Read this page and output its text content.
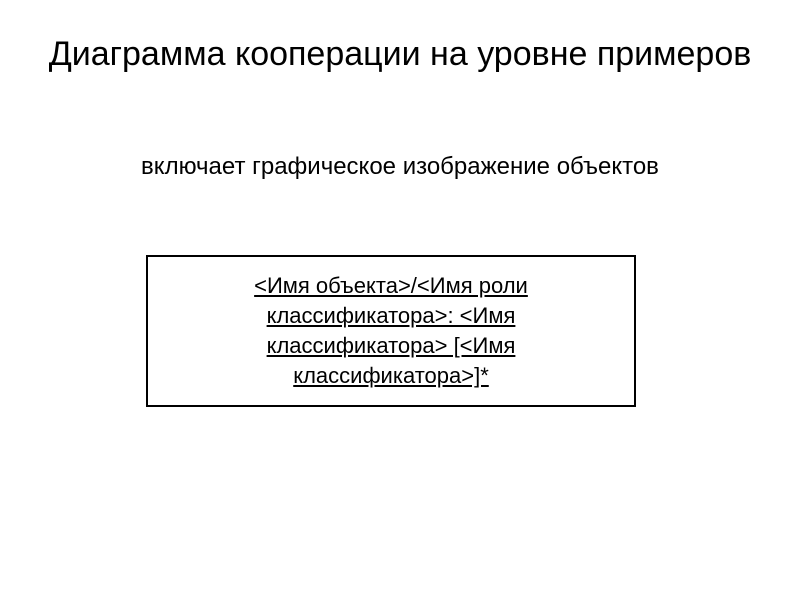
Диаграмма кооперации на уровне примеров

включает графическое изображение объектов

<Имя объекта>/<Имя роли классификатора>: <Имя классификатора> [<Имя классификатора>]*
